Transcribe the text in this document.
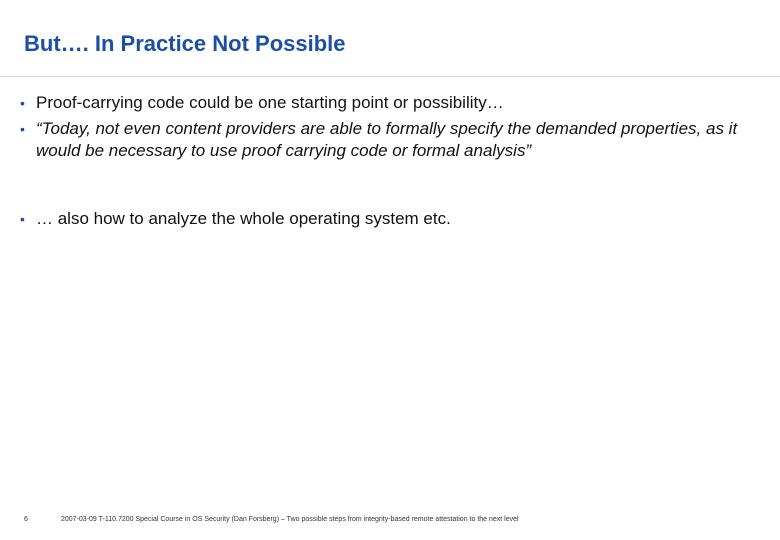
But…. In Practice Not Possible
• Proof-carrying code could be one starting point or possibility…
• “Today, not even content providers are able to formally specify the demanded properties, as it would be necessary to use proof carrying code or formal analysis”
• … also how to analyze the whole operating system etc.
6	2007-03-09 T-110.7200 Special Course in OS Security (Dan Forsberg) – Two possible steps from integrity-based remote attestation to the next level
